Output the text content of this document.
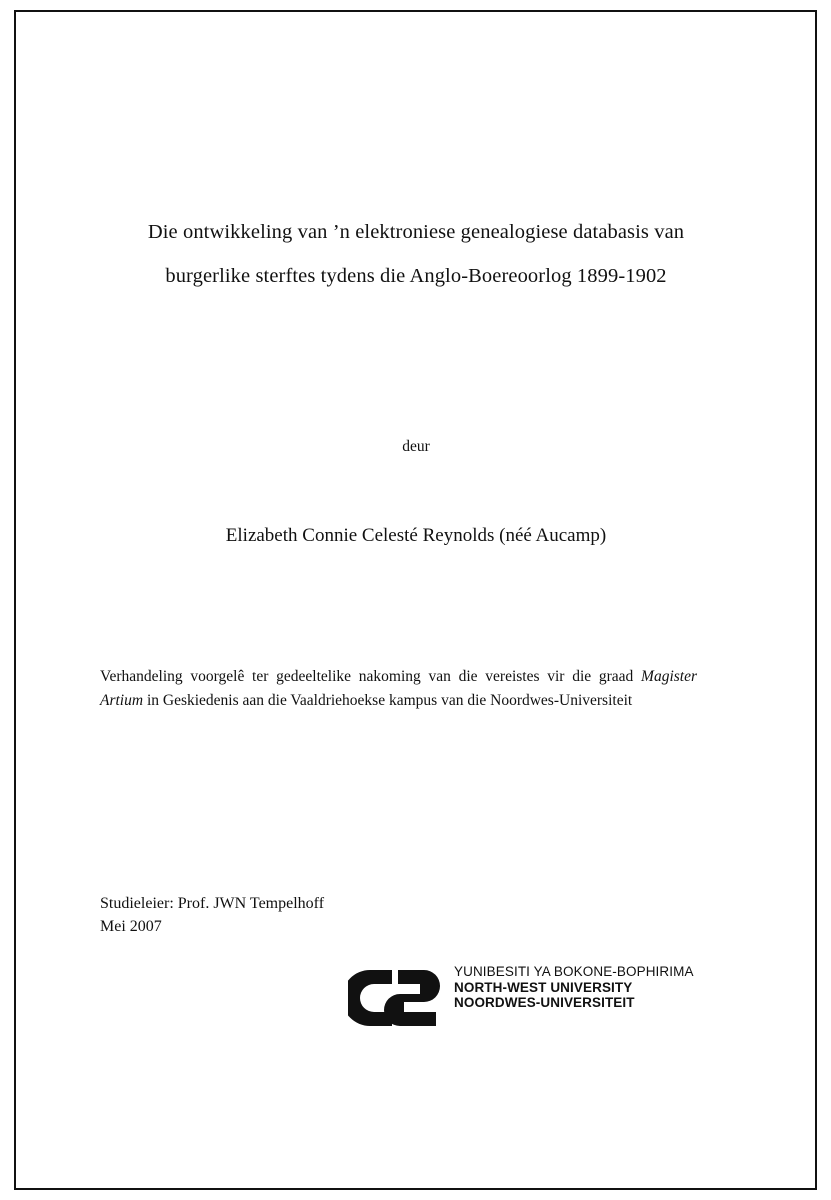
Die ontwikkeling van ’n elektroniese genealogiese databasis van
burgerlike sterftes tydens die Anglo-Boereoorlog 1899-1902
deur
Elizabeth Connie Celesté Reynolds (néé Aucamp)
Verhandeling voorgelê ter gedeeltelike nakoming van die vereistes vir die graad Magister Artium in Geskiedenis aan die Vaaldriehoekse kampus van die Noordwes-Universiteit
Studieleier: Prof. JWN Tempelhoff
Mei 2007
YUNIBESITI YA BOKONE-BOPHIRIMA
NORTH-WEST UNIVERSITY
NOORDWES-UNIVERSITEIT
